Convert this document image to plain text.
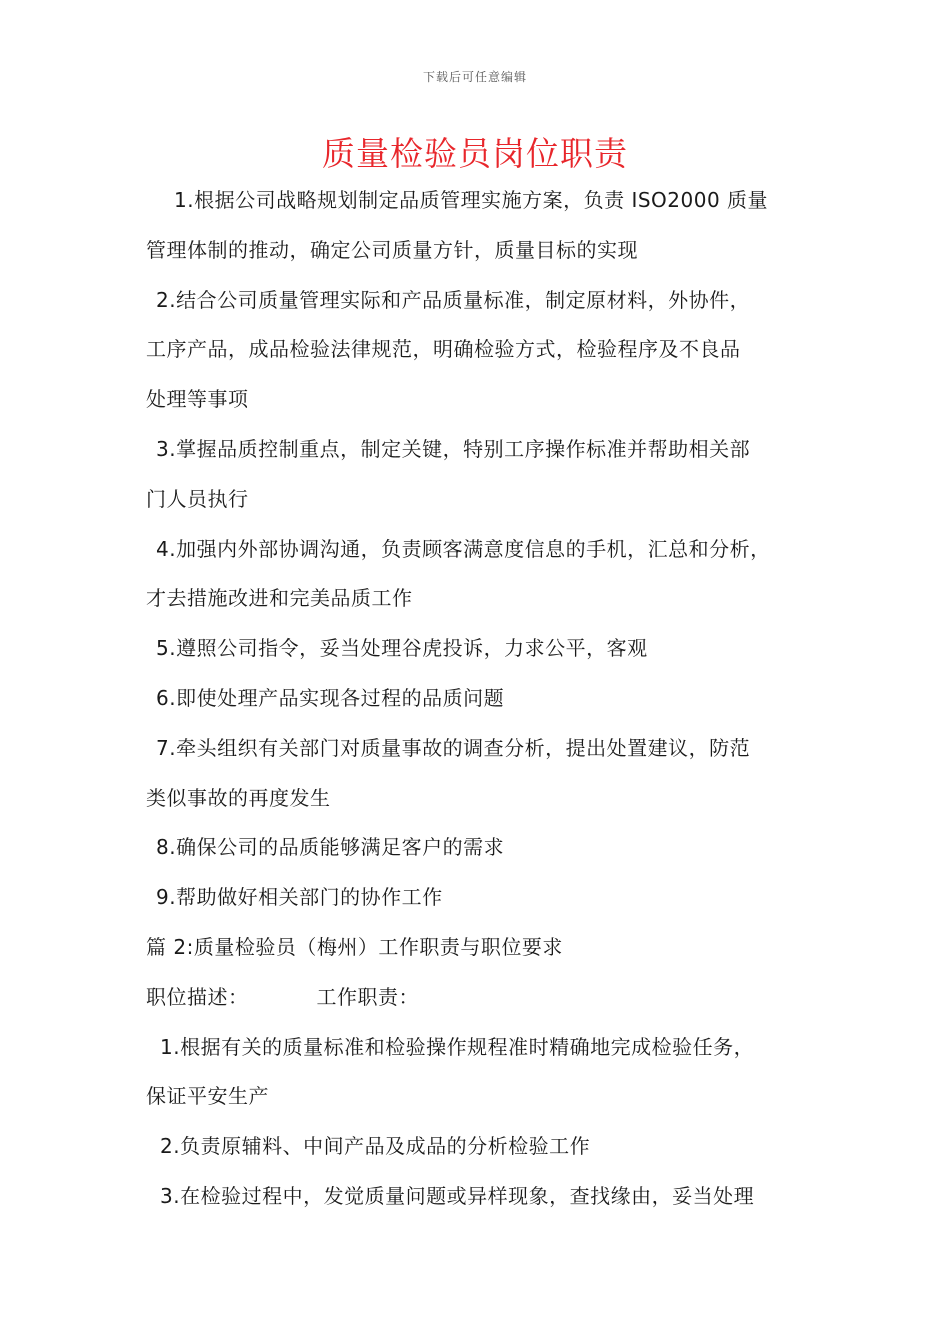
下载后可任意编辑
质量检验员岗位职责
1.根据公司战略规划制定品质管理实施方案，负责 ISO2000 质量
管理体制的推动，确定公司质量方针，质量目标的实现
2.结合公司质量管理实际和产品质量标准，制定原材料，外协件，
工序产品，成品检验法律规范，明确检验方式，检验程序及不良品
处理等事项
3.掌握品质控制重点，制定关键，特别工序操作标准并帮助相关部
门人员执行
4.加强内外部协调沟通，负责顾客满意度信息的手机，汇总和分析，
才去措施改进和完美品质工作
5.遵照公司指令，妥当处理谷虎投诉，力求公平，客观
6.即使处理产品实现各过程的品质问题
7.牵头组织有关部门对质量事故的调查分析，提出处置建议，防范
类似事故的再度发生
8.确保公司的品质能够满足客户的需求
9.帮助做好相关部门的协作工作
篇 2:质量检验员（梅州）工作职责与职位要求
职位描述：	工作职责：
1.根据有关的质量标准和检验操作规程准时精确地完成检验任务，
保证平安生产
2.负责原辅料、中间产品及成品的分析检验工作
3.在检验过程中，发觉质量问题或异样现象，查找缘由，妥当处理
